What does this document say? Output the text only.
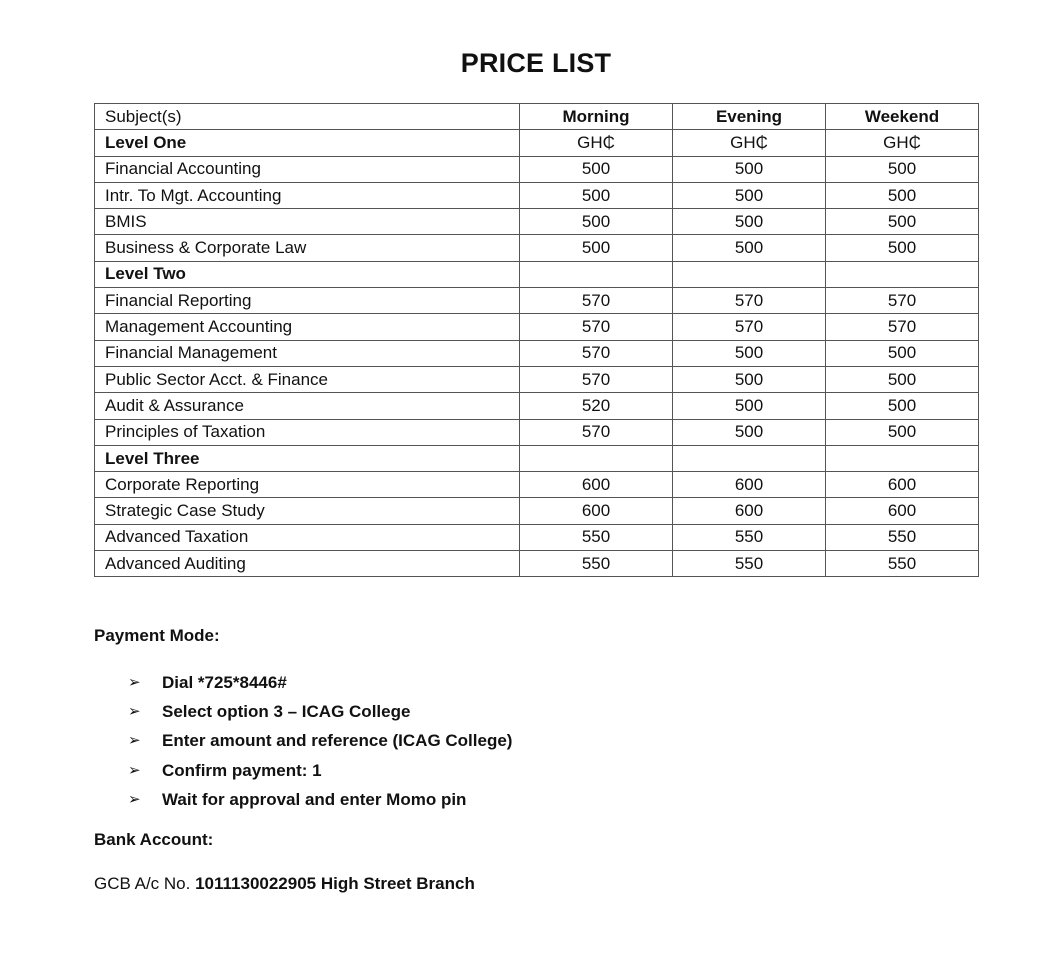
PRICE LIST
Subject(s)	Morning	Evening	Weekend
Level One	GH₵	GH₵	GH₵
Financial Accounting	500	500	500
Intr. To Mgt. Accounting	500	500	500
BMIS	500	500	500
Business & Corporate Law	500	500	500
Level Two			
Financial Reporting	570	570	570
Management Accounting	570	570	570
Financial Management	570	500	500
Public Sector Acct. & Finance	570	500	500
Audit & Assurance	520	500	500
Principles of Taxation	570	500	500
Level Three			
Corporate Reporting	600	600	600
Strategic Case Study	600	600	600
Advanced Taxation	550	550	550
Advanced Auditing	550	550	550
Payment Mode:
➢	Dial *725*8446#
➢	Select option 3 – ICAG College
➢	Enter amount and reference (ICAG College)
➢	Confirm payment: 1
➢	Wait for approval and enter Momo pin
Bank Account:
GCB A/c No. 1011130022905 High Street Branch
